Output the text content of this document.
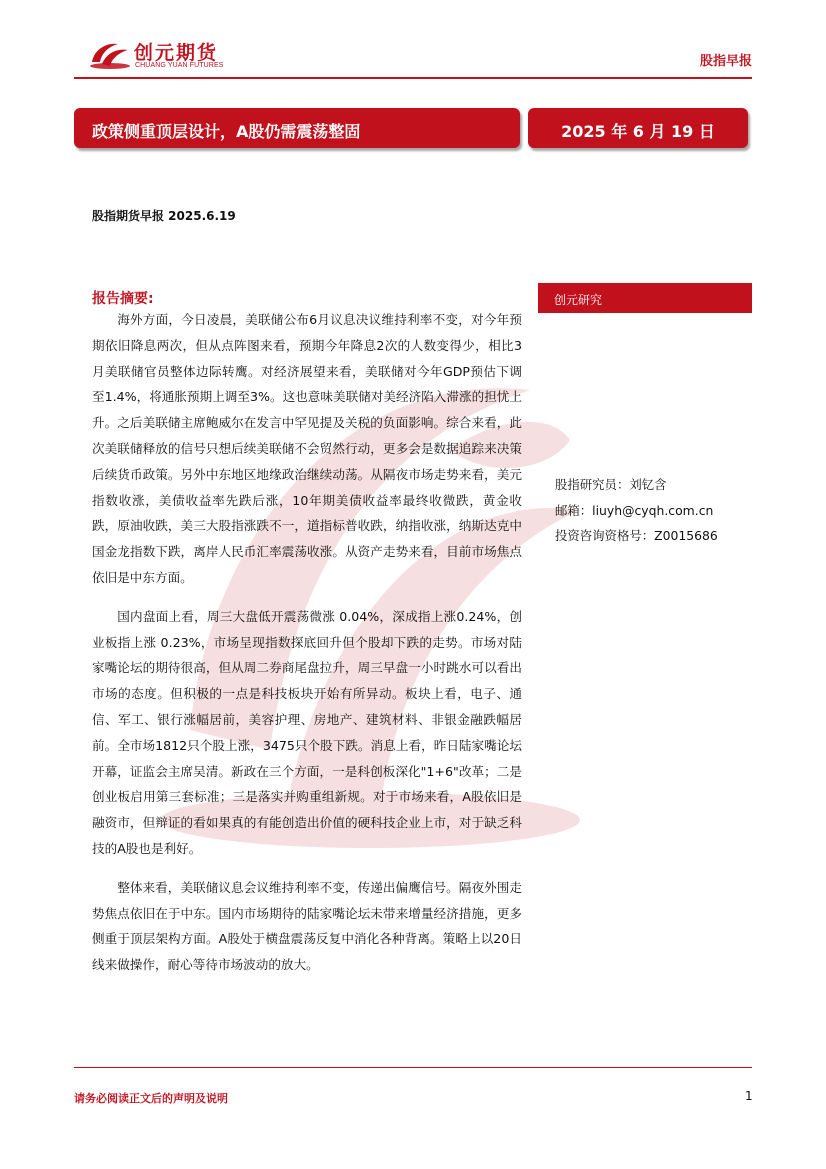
创元期货
CHUANG YUAN FUTURES	股指早报
政策侧重顶层设计，A股仍需震荡整固	2025 年 6 月 19 日
股指期货早报 2025.6.19
报告摘要:

海外方面，今日凌晨，美联储公布6月议息决议维持利率不变，对今年预期依旧降息两次，但从点阵图来看，预期今年降息2次的人数变得少，相比3月美联储官员整体边际转鹰。对经济展望来看，美联储对今年GDP预估下调至1.4%，将通胀预期上调至3%。这也意味美联储对美经济陷入滞涨的担忧上升。之后美联储主席鲍威尔在发言中罕见提及关税的负面影响。综合来看，此次美联储释放的信号只想后续美联储不会贸然行动，更多会是数据追踪来决策后续货币政策。另外中东地区地缘政治继续动荡。从隔夜市场走势来看，美元指数收涨，美债收益率先跌后涨，10年期美债收益率最终收微跌，黄金收跌，原油收跌，美三大股指涨跌不一，道指标普收跌，纳指收涨，纳斯达克中国金龙指数下跌，离岸人民币汇率震荡收涨。从资产走势来看，目前市场焦点依旧是中东方面。

国内盘面上看，周三大盘低开震荡微涨 0.04%，深成指上涨0.24%，创业板指上涨 0.23%，市场呈现指数探底回升但个股却下跌的走势。市场对陆家嘴论坛的期待很高，但从周二券商尾盘拉升，周三早盘一小时跳水可以看出市场的态度。但积极的一点是科技板块开始有所异动。板块上看，电子、通信、军工、银行涨幅居前，美容护理、房地产、建筑材料、非银金融跌幅居前。全市场1812只个股上涨，3475只个股下跌。消息上看，昨日陆家嘴论坛开幕，证监会主席吴清。新政在三个方面，一是科创板深化"1+6"改革；二是创业板启用第三套标准；三是落实并购重组新规。对于市场来看，A股依旧是融资市，但辩证的看如果真的有能创造出价值的硬科技企业上市，对于缺乏科技的A股也是利好。

整体来看，美联储议息会议维持利率不变，传递出偏鹰信号。隔夜外围走势焦点依旧在于中东。国内市场期待的陆家嘴论坛未带来增量经济措施，更多侧重于顶层架构方面。A股处于横盘震荡反复中消化各种背离。策略上以20日线来做操作，耐心等待市场波动的放大。

创元研究
股指研究员：刘钇含
邮箱：liuyh@cyqh.com.cn
投资咨询资格号：Z0015686
请务必阅读正文后的声明及说明	1
